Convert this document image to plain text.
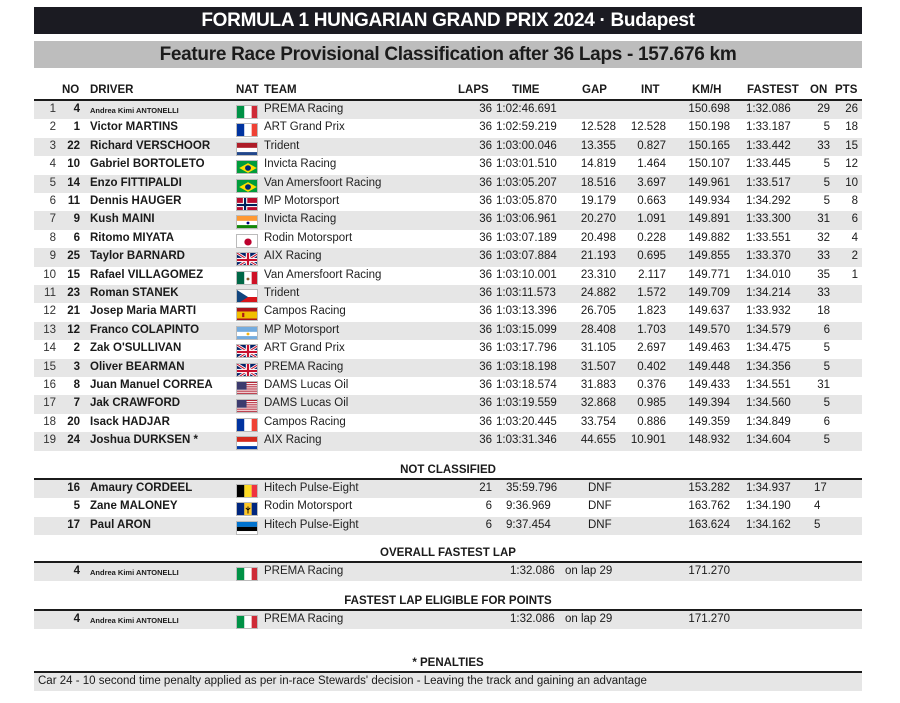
FORMULA 1 HUNGARIAN GRAND PRIX 2024 · Budapest
Feature Race Provisional Classification after 36 Laps - 157.676 km
NO DRIVER	NAT TEAM	LAPS TIME	GAP	INT	KM/H FASTEST ON PTS
1	4 Andrea Kimi ANTONELLI	PREMA Racing	36 1:02:46.691	150.698 1:32.086	29	26
2	1 Victor MARTINS	ART Grand Prix	36 1:02:59.219	12.528	12.528	150.198 1:33.187	5	18
3 22 Richard VERSCHOOR	Trident	36 1:03:00.046	13.355	0.827	150.165 1:33.442	33	15
4 10 Gabriel BORTOLETO	Invicta Racing	36 1:03:01.510	14.819	1.464	150.107 1:33.445	5	12
5 14 Enzo FITTIPALDI	Van Amersfoort Racing	36 1:03:05.207	18.516	3.697	149.961 1:33.517	5	10
6	11 Dennis HAUGER	MP Motorsport	36 1:03:05.870	19.179	0.663	149.934 1:34.292	5	8
7	9 Kush MAINI	Invicta Racing	36 1:03:06.961	20.270	1.091	149.891 1:33.300	31	6
8	6 Ritomo MIYATA	Rodin Motorsport	36 1:03:07.189	20.498	0.228	149.882 1:33.551	32	4
9 25 Taylor BARNARD	AIX Racing	36 1:03:07.884	21.193	0.695	149.855 1:33.370	33	2
10 15 Rafael VILLAGOMEZ	Van Amersfoort Racing	36 1:03:10.001	23.310	2.117	149.771 1:34.010	35	1
11 23 Roman STANEK	Trident	36 1:03:11.573	24.882	1.572	149.709 1:34.214	33
12 21 Josep Maria MARTI	Campos Racing	36 1:03:13.396	26.705	1.823	149.637 1:33.932	18
13 12 Franco COLAPINTO	MP Motorsport	36 1:03:15.099	28.408	1.703	149.570 1:34.579	6
14	2 Zak O'SULLIVAN	ART Grand Prix	36 1:03:17.796	31.105	2.697	149.463 1:34.475	5
15	3 Oliver BEARMAN	PREMA Racing	36 1:03:18.198	31.507	0.402	149.448 1:34.356	5
16	8 Juan Manuel CORREA	DAMS Lucas Oil	36 1:03:18.574	31.883	0.376	149.433 1:34.551	31
17	7 Jak CRAWFORD	DAMS Lucas Oil	36 1:03:19.559	32.868	0.985	149.394 1:34.560	5
18 20 Isack HADJAR	Campos Racing	36 1:03:20.445	33.754	0.886	149.359 1:34.849	6
19 24 Joshua DURKSEN *	AIX Racing	36 1:03:31.346	44.655	10.901	148.932 1:34.604	5
NOT CLASSIFIED
16 Amaury CORDEEL	Hitech Pulse-Eight	21 35:59.796	DNF	153.282 1:34.937 17
5 Zane MALONEY	Rodin Motorsport	6 9:36.969	DNF	163.762 1:34.190 4
17 Paul ARON	Hitech Pulse-Eight	6 9:37.454	DNF	163.624 1:34.162 5
OVERALL FASTEST LAP
4 Andrea Kimi ANTONELLI	PREMA Racing	1:32.086 on lap 29	171.270
FASTEST LAP ELIGIBLE FOR POINTS
4 Andrea Kimi ANTONELLI	PREMA Racing	1:32.086 on lap 29	171.270
* PENALTIES
Car 24 - 10 second time penalty applied as per in-race Stewards' decision - Leaving the track and gaining an advantage
